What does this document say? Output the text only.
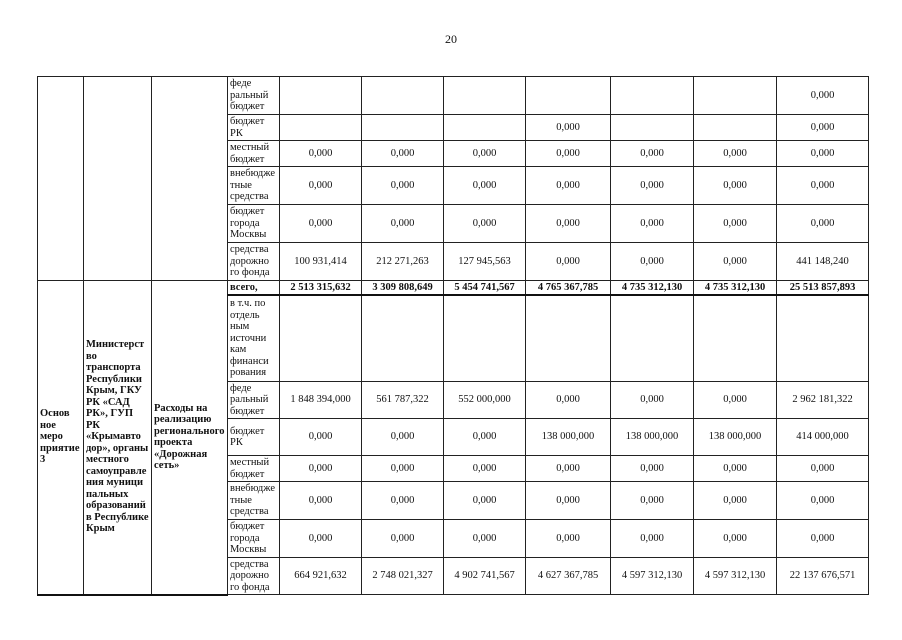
20
			феде ральный бюджет							0,000
			бюджет РК				0,000			0,000
			местный бюджет	0,000	0,000	0,000	0,000	0,000	0,000	0,000
			внебюдже тные средства	0,000	0,000	0,000	0,000	0,000	0,000	0,000
			бюджет города Москвы	0,000	0,000	0,000	0,000	0,000	0,000	0,000
			средства дорожно го фонда	100 931,414	212 271,263	127 945,563	0,000	0,000	0,000	441 148,240
Основ ное меро приятие 3	Министерст во транспорта Республики Крым, ГКУ РК «САД РК», ГУП РК «Крымавто дор», органы местного самоуправле ния муници пальных образований в Республике Крым	Расходы на реализацию регионального проекта «Дорожная сеть»	всего,	2 513 315,632	3 309 808,649	5 454 741,567	4 765 367,785	4 735 312,130	4 735 312,130	25 513 857,893
			в т.ч. по отдель ным источни кам финанси рования							
			феде ральный бюджет	1 848 394,000	561 787,322	552 000,000	0,000	0,000	0,000	2 962 181,322
			бюджет РК	0,000	0,000	0,000	138 000,000	138 000,000	138 000,000	414 000,000
			местный бюджет	0,000	0,000	0,000	0,000	0,000	0,000	0,000
			внебюдже тные средства	0,000	0,000	0,000	0,000	0,000	0,000	0,000
			бюджет города Москвы	0,000	0,000	0,000	0,000	0,000	0,000	0,000
			средства дорожно го фонда	664 921,632	2 748 021,327	4 902 741,567	4 627 367,785	4 597 312,130	4 597 312,130	22 137 676,571
